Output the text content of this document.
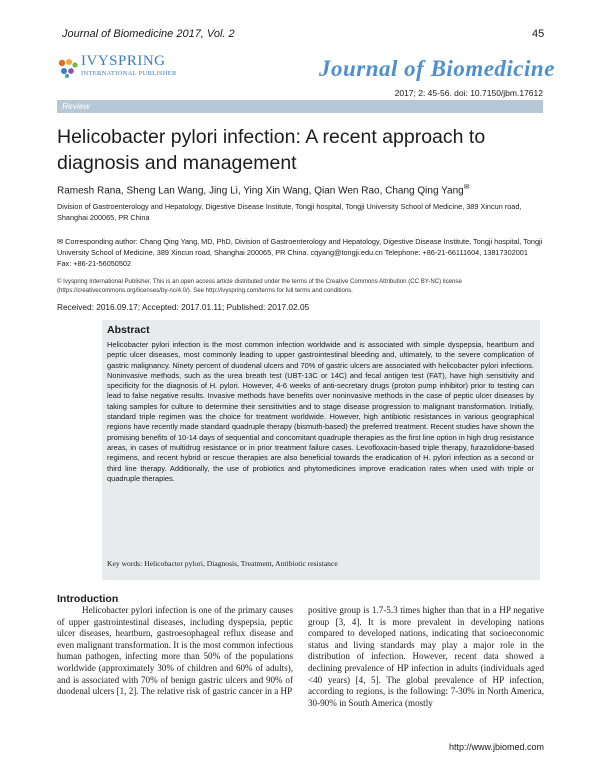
Journal of Biomedicine 2017, Vol. 2	45
IVYSPRING
INTERNATIONAL PUBLISHER	Journal of Biomedicine
2017; 2: 45-56. doi: 10.7150/jbm.17612
Review
Helicobacter pylori infection: A recent approach to diagnosis and management
Ramesh Rana, Sheng Lan Wang, Jing Li, Ying Xin Wang, Qian Wen Rao, Chang Qing Yang✉
Division of Gastroenterology and Hepatology, Digestive Disease Institute, Tongji hospital, Tongji University School of Medicine, 389 Xincun road, Shanghai 200065, PR China
✉ Corresponding author: Chang Qing Yang, MD, PhD, Division of Gastroenterology and Hepatology, Digestive Disease Institute, Tongji hospital, Tongji University School of Medicine, 389 Xincun road, Shanghai 200065, PR China. cqyang@tongji.edu.cn Telephone: +86-21-66111604, 13817302001 Fax: +86-21-56050502
© Ivyspring International Publisher. This is an open access article distributed under the terms of the Creative Commons Attribution (CC BY-NC) license (https://creativecommons.org/licenses/by-nc/4.0/). See http://ivyspring.com/terms for full terms and conditions.
Received: 2016.09.17; Accepted: 2017.01.11; Published: 2017.02.05
Abstract
Helicobacter pylori infection is the most common infection worldwide and is associated with simple dyspepsia, heartburn and peptic ulcer diseases, most commonly leading to upper gastrointestinal bleeding and, ultimately, to the severe complication of gastric malignancy. Ninety percent of duodenal ulcers and 70% of gastric ulcers are associated with helicobacter pylori infections. Noninvasive methods, such as the urea breath test (UBT-13C or 14C) and fecal antigen test (FAT), have high sensitivity and specificity for the diagnosis of H. pylori. However, 4-6 weeks of anti-secretary drugs (proton pump inhibitor) prior to testing can lead to false negative results. Invasive methods have benefits over noninvasive methods in the case of peptic ulcer diseases by taking samples for culture to determine their sensitivities and to stage disease progression to malignant transformation. Initially, standard triple regimen was the choice for treatment worldwide. However, high antibiotic resistances in various geographical regions have recently made standard quadruple therapy (bismuth-based) the preferred treatment. Recent studies have shown the promising benefits of 10-14 days of sequential and concomitant quadruple therapies as the first line option in high drug resistance areas, in cases of multidrug resistance or in prior treatment failure cases. Levofloxacin-based triple therapy, furazolidone-based regimens, and recent hybrid or rescue therapies are also beneficial towards the eradication of H. pylori infection as a second or third line therapy. Additionally, the use of probiotics and phytomedicines improve eradication rates when used with triple or quadruple therapies.
Key words: Helicobacter pylori, Diagnosis, Treatment, Antibiotic resistance
Introduction
Helicobacter pylori infection is one of the primary causes of upper gastrointestinal diseases, including dyspepsia, peptic ulcer diseases, heartburn, gastroesophageal reflux disease and even malignant transformation. It is the most common infectious human pathogen, infecting more than 50% of the populations worldwide (approximately 30% of children and 60% of adults), and is associated with 70% of benign gastric ulcers and 90% of duodenal ulcers [1, 2]. The relative risk of gastric cancer in a HP
positive group is 1.7-5.3 times higher than that in a HP negative group [3, 4]. It is more prevalent in developing nations compared to developed nations, indicating that socioeconomic status and living standards may play a major role in the distribution of infection. However, recent data showed a declining prevalence of HP infection in adults (individuals aged <40 years) [4, 5]. The global prevalence of HP infection, according to regions, is the following: 7-30% in North America, 30-90% in South America (mostly
http://www.jbiomed.com
